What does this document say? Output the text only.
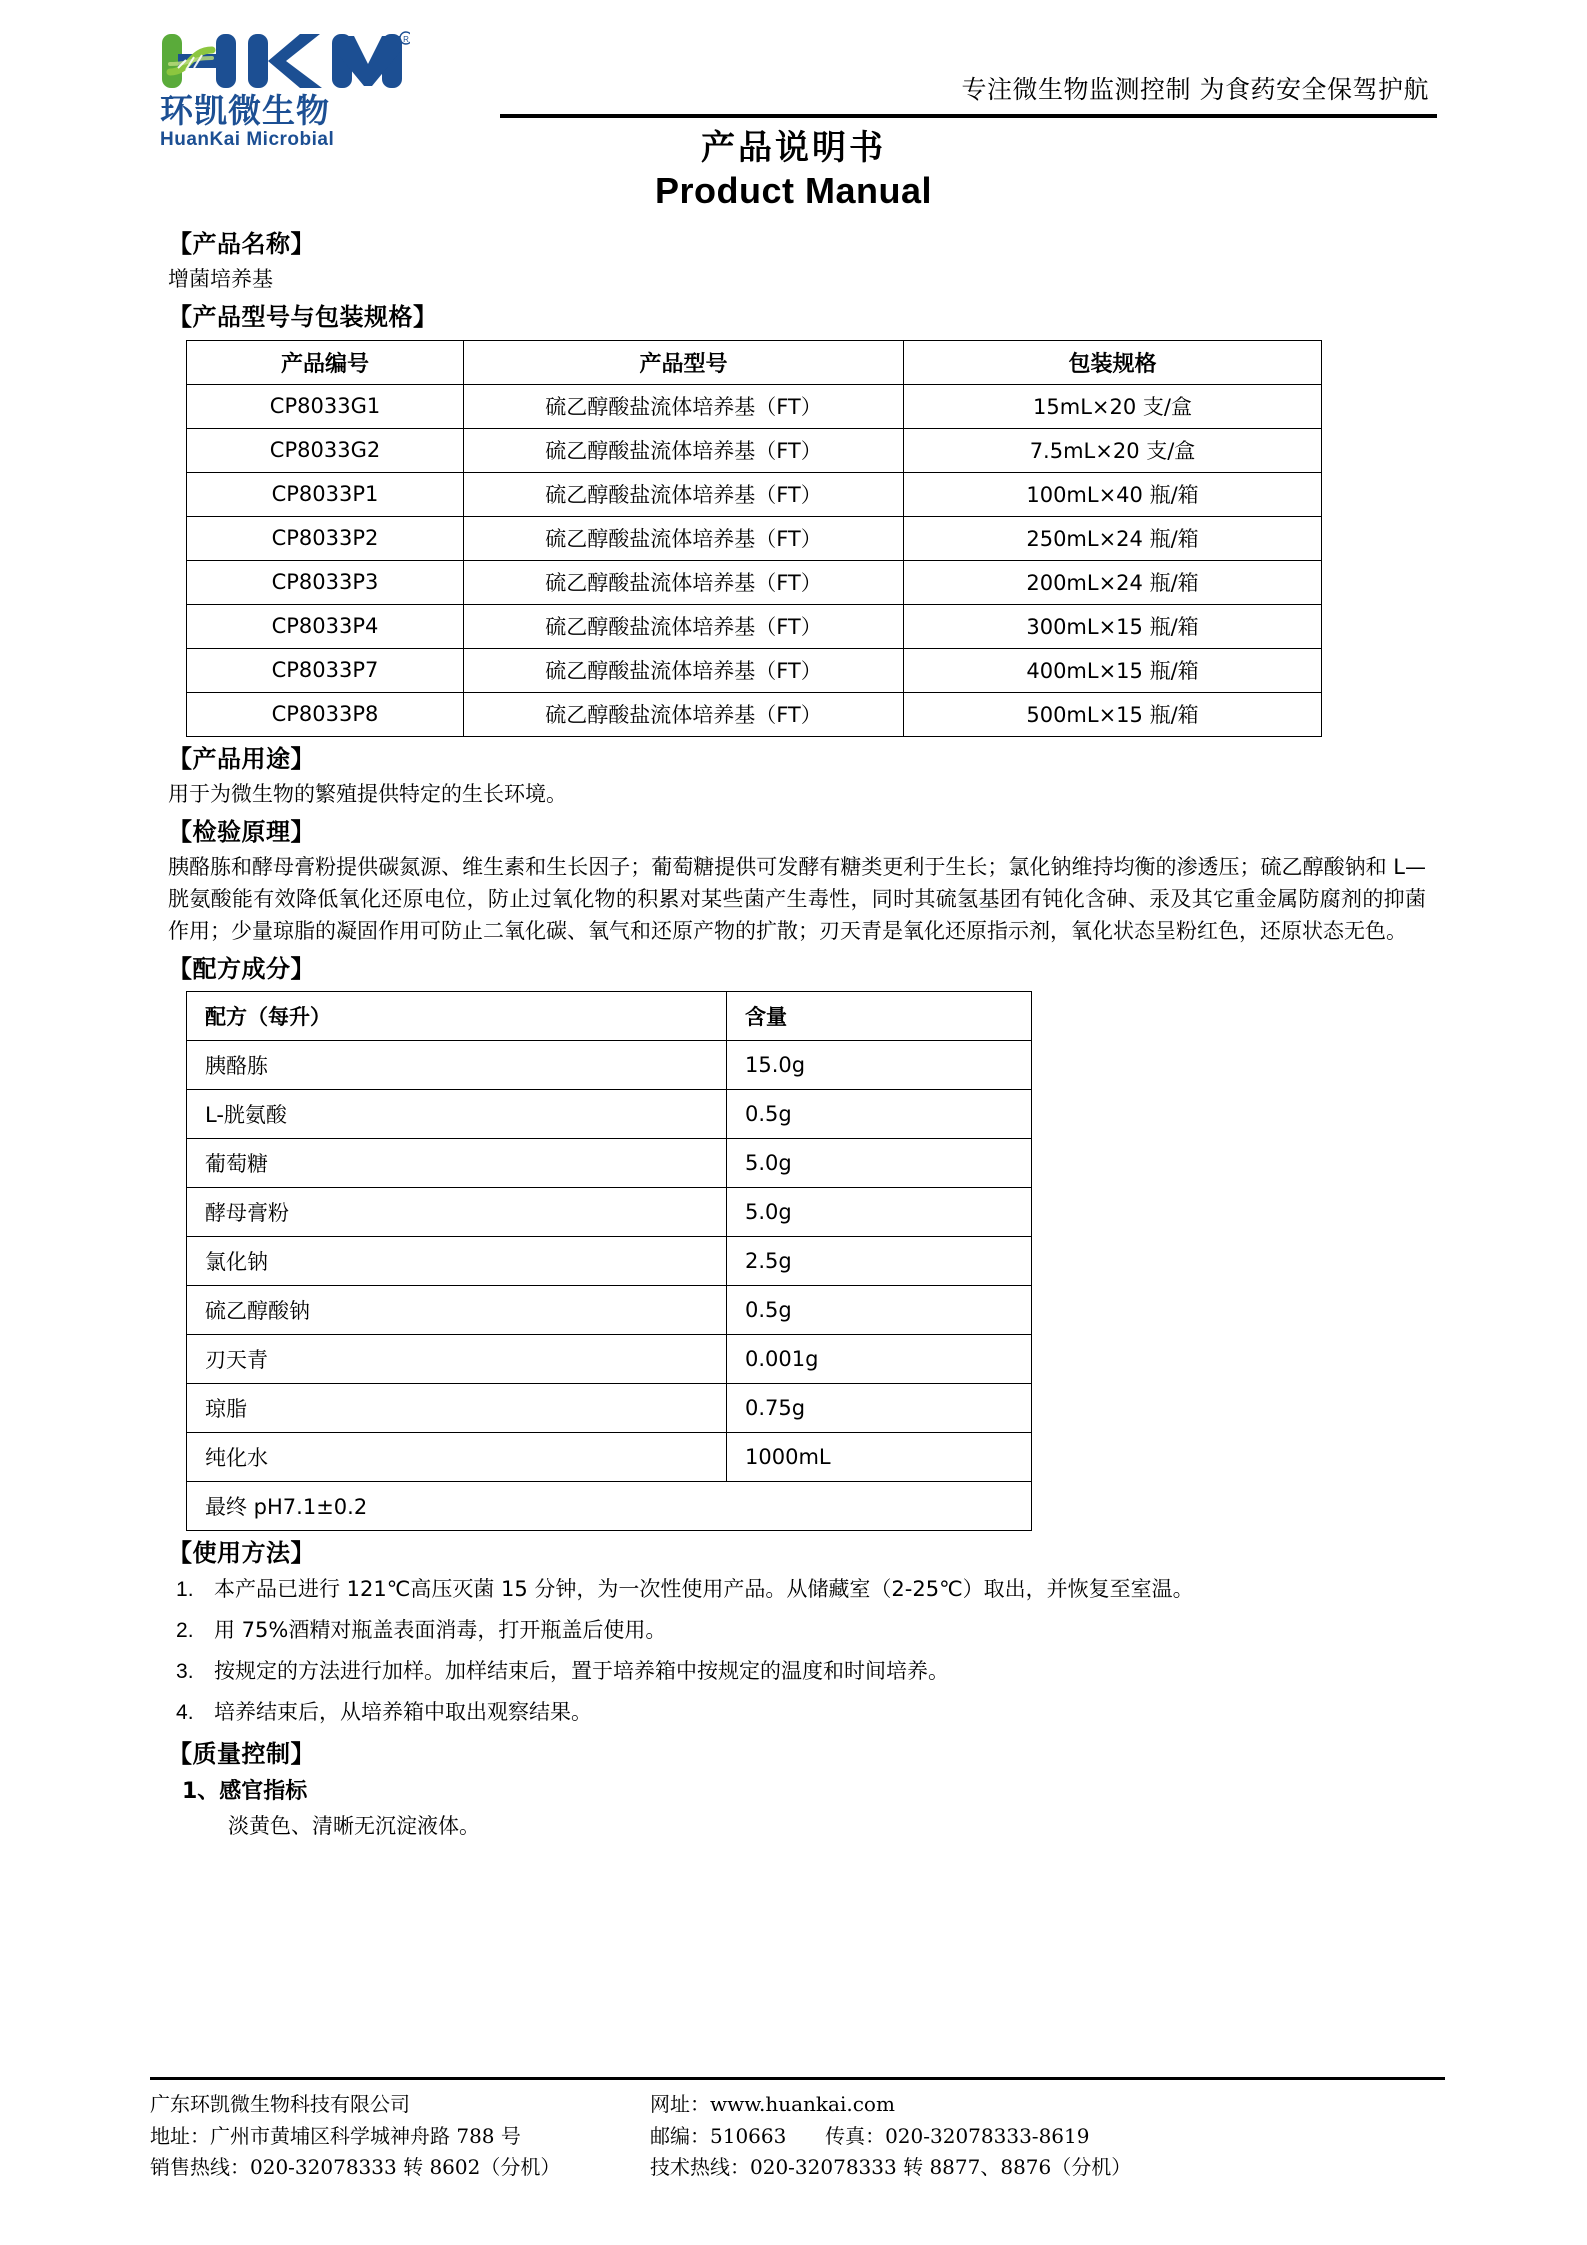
R
环凯微生物
HuanKai Microbial
专注微生物监测控制 为食药安全保驾护航
产品说明书
Product Manual
【产品名称】
增菌培养基
【产品型号与包装规格】
产品编号	产品型号	包装规格
CP8033G1	硫乙醇酸盐流体培养基（FT）	15mL×20 支/盒
CP8033G2	硫乙醇酸盐流体培养基（FT）	7.5mL×20 支/盒
CP8033P1	硫乙醇酸盐流体培养基（FT）	100mL×40 瓶/箱
CP8033P2	硫乙醇酸盐流体培养基（FT）	250mL×24 瓶/箱
CP8033P3	硫乙醇酸盐流体培养基（FT）	200mL×24 瓶/箱
CP8033P4	硫乙醇酸盐流体培养基（FT）	300mL×15 瓶/箱
CP8033P7	硫乙醇酸盐流体培养基（FT）	400mL×15 瓶/箱
CP8033P8	硫乙醇酸盐流体培养基（FT）	500mL×15 瓶/箱
【产品用途】
用于为微生物的繁殖提供特定的生长环境。
【检验原理】
胰酪胨和酵母膏粉提供碳氮源、维生素和生长因子；葡萄糖提供可发酵有糖类更利于生长；氯化钠维持均衡的渗透压；硫乙醇酸钠和 L—胱氨酸能有效降低氧化还原电位，防止过氧化物的积累对某些菌产生毒性，同时其硫氢基团有钝化含砷、汞及其它重金属防腐剂的抑菌作用；少量琼脂的凝固作用可防止二氧化碳、氧气和还原产物的扩散；刃天青是氧化还原指示剂，氧化状态呈粉红色，还原状态无色。
【配方成分】
配方（每升）	含量
胰酪胨	15.0g
L-胱氨酸	0.5g
葡萄糖	5.0g
酵母膏粉	5.0g
氯化钠	2.5g
硫乙醇酸钠	0.5g
刃天青	0.001g
琼脂	0.75g
纯化水	1000mL
最终 pH7.1±0.2	
【使用方法】
本产品已进行 121℃高压灭菌 15 分钟，为一次性使用产品。从储藏室（2-25℃）取出，并恢复至室温。
用 75%酒精对瓶盖表面消毒，打开瓶盖后使用。
按规定的方法进行加样。加样结束后，置于培养箱中按规定的温度和时间培养。
培养结束后，从培养箱中取出观察结果。
【质量控制】
1、感官指标
淡黄色、清晰无沉淀液体。
广东环凯微生物科技有限公司
地址：广州市黄埔区科学城神舟路 788 号
销售热线：020-32078333 转 8602（分机）
网址：www.huankai.com
邮编：510663 传真：020-32078333-8619
技术热线：020-32078333 转 8877、8876（分机）
